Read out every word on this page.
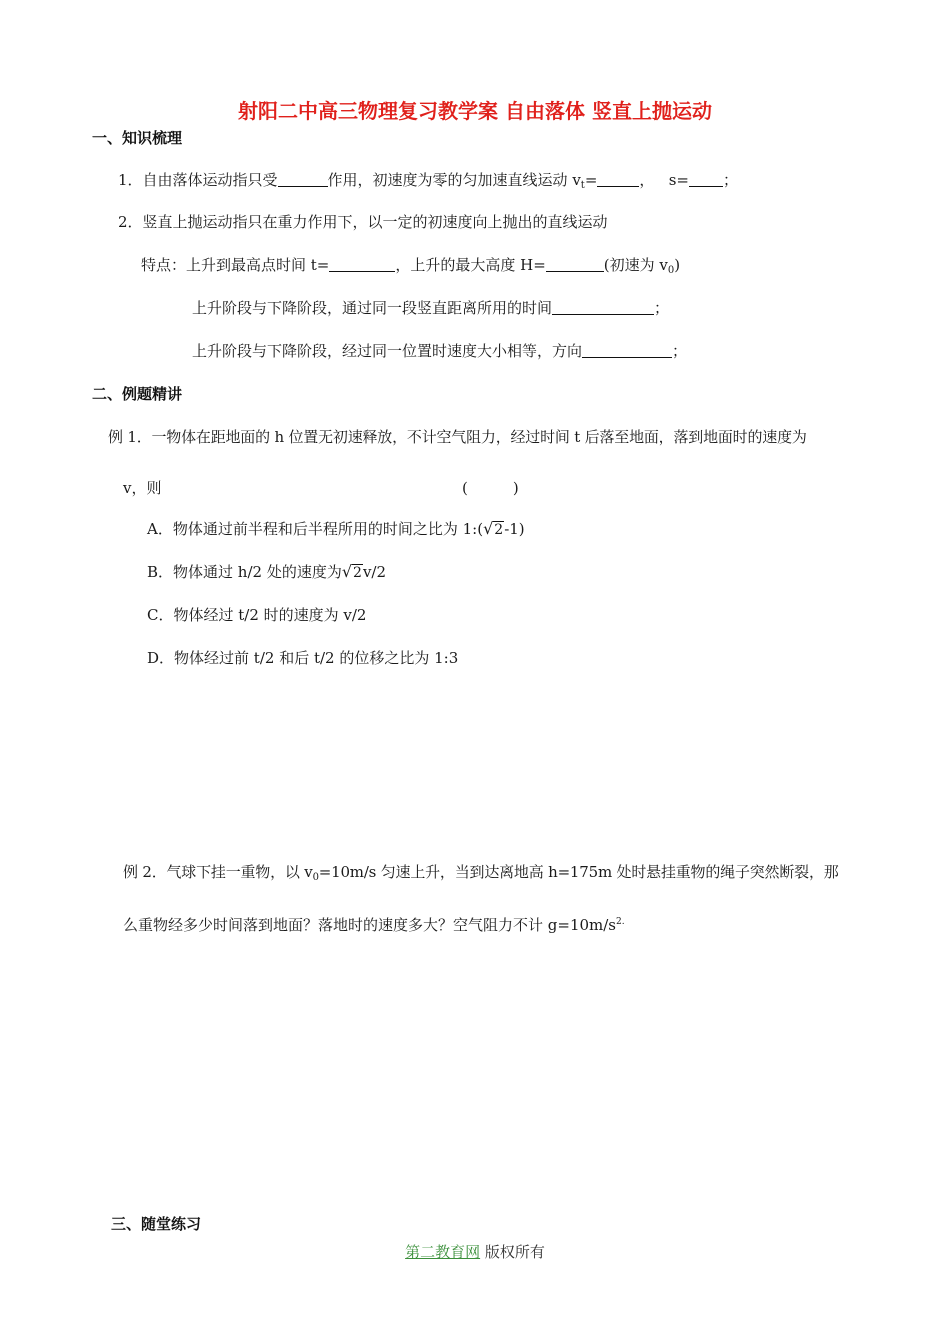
射阳二中高三物理复习教学案 自由落体 竖直上抛运动
一、知识梳理
1．自由落体运动指只受	作用，初速度为零的匀加速直线运动 $v_t=$	， s= ；
2．竖直上抛运动指只在重力作用下，以一定的初速度向上抛出的直线运动
特点：上升到最高点时间 t=	，上升的最大高度 H=	(初速为 $v_0$)
上升阶段与下降阶段，通过同一段竖直距离所用的时间	；
上升阶段与下降阶段，经过同一位置时速度大小相等，方向	；
二、例题精讲
例 1．一物体在距地面的 h 位置无初速释放，不计空气阻力，经过时间 t 后落至地面，落到地面时的速度为
v，则	(　　　)
A．物体通过前半程和后半程所用的时间之比为 1:(√2-1)
B．物体通过 h/2 处的速度为√2v/2
C．物体经过 t/2 时的速度为 v/2
D．物体经过前 t/2 和后 t/2 的位移之比为 1:3
例 2．气球下挂一重物，以 $v_0=10m/s$ 匀速上升，当到达离地高 h=175m 处时悬挂重物的绳子突然断裂，那
么重物经多少时间落到地面？落地时的速度多大？空气阻力不计 $g=10m/s^{2.}$
三、随堂练习
第二教育网 版权所有
